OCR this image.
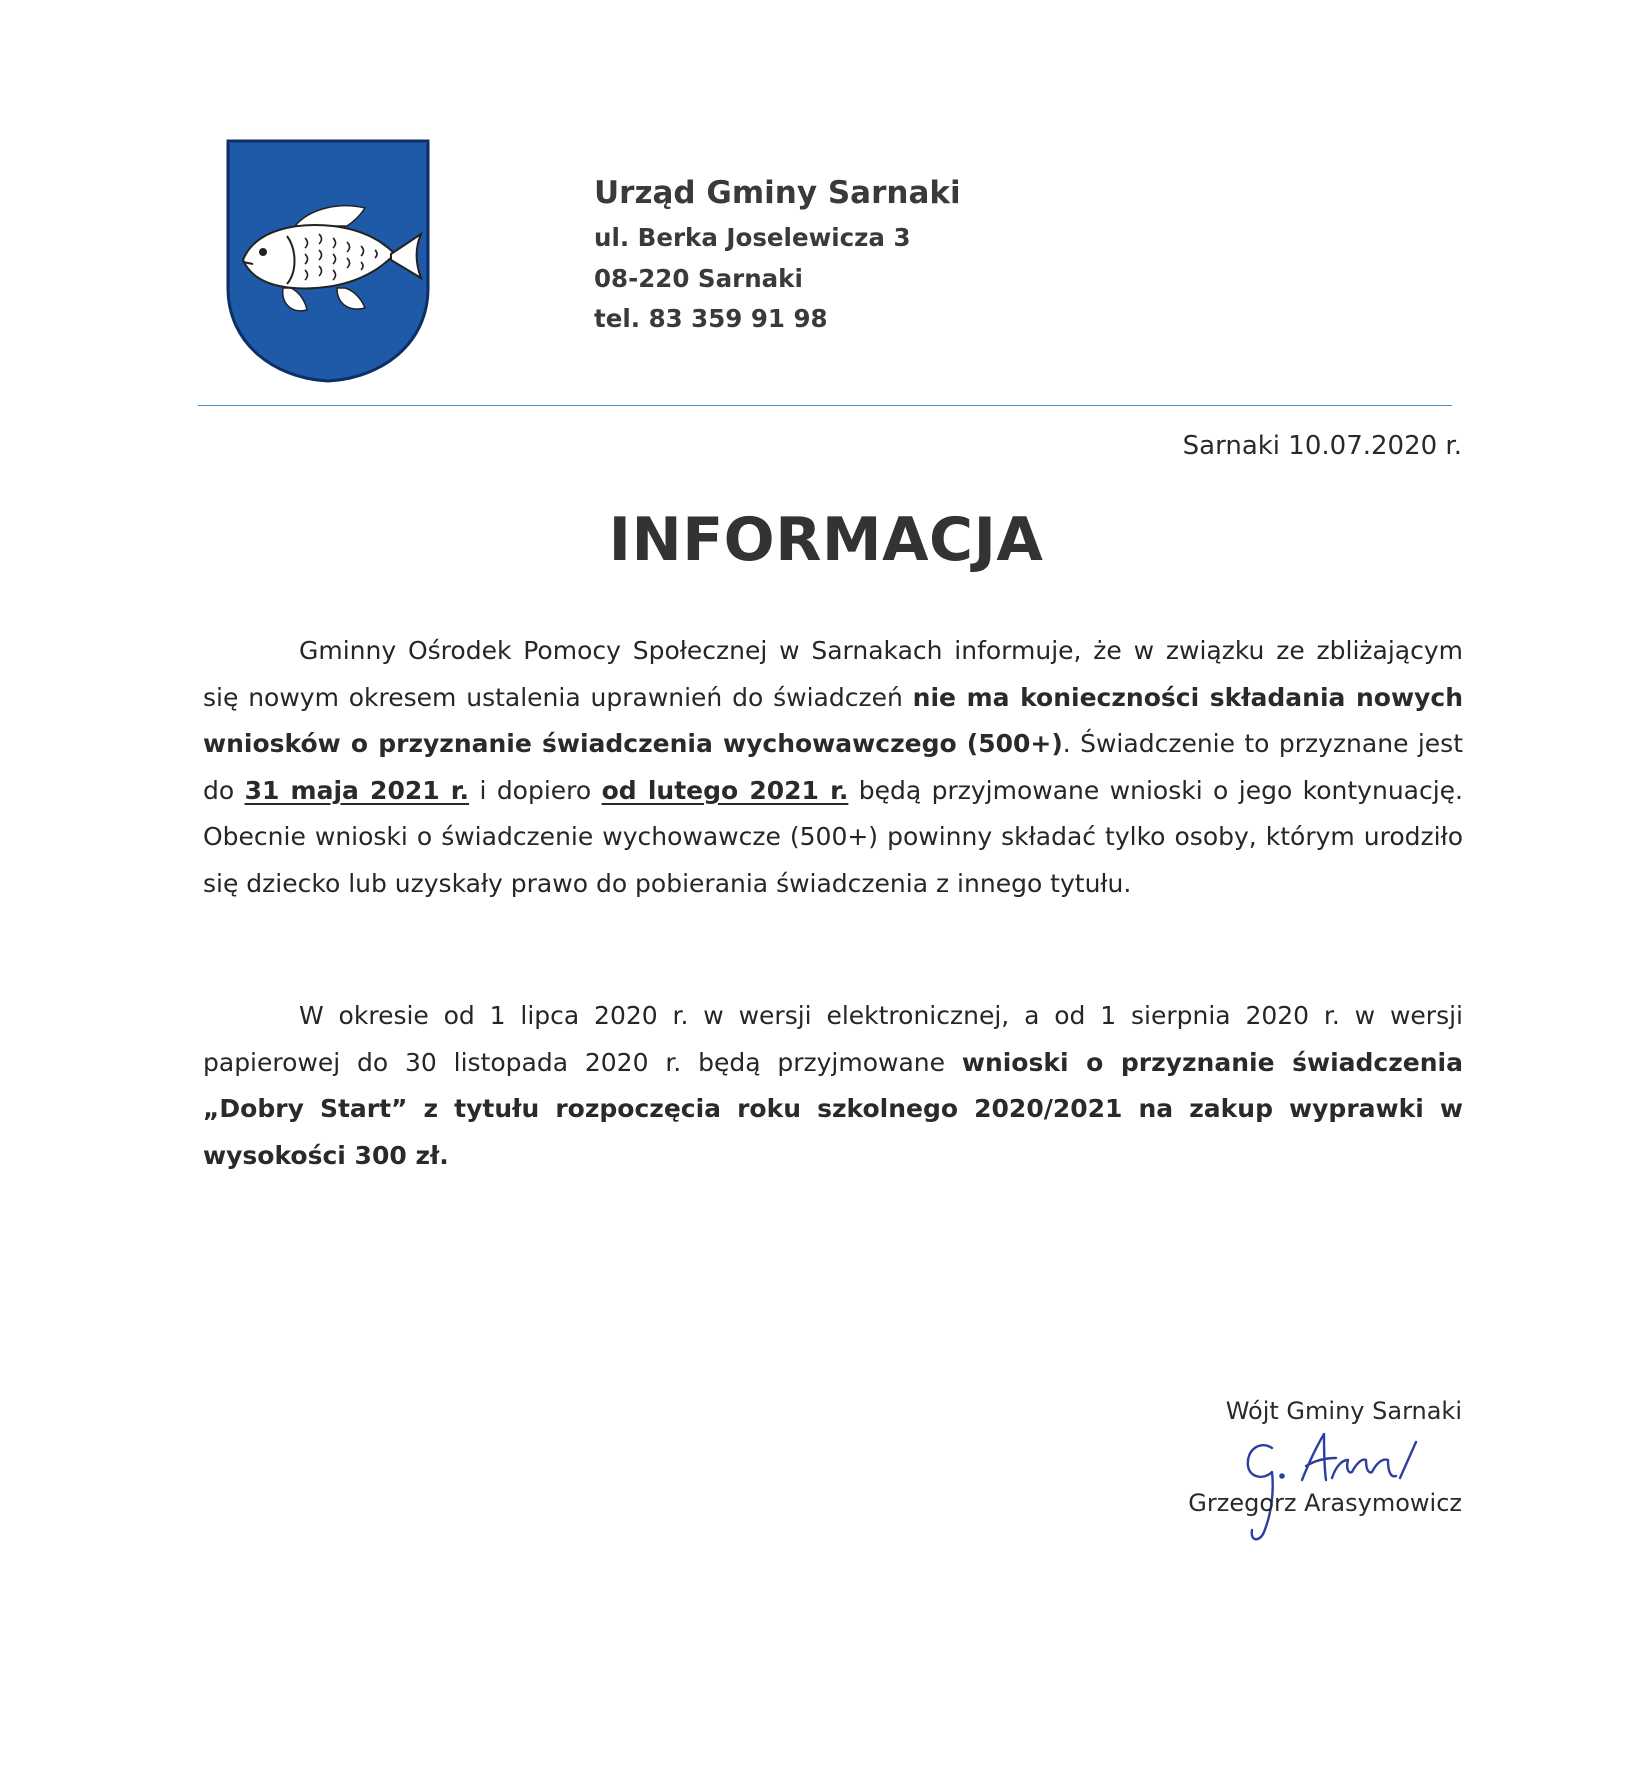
Urząd Gminy Sarnaki
ul. Berka Joselewicza 3
08-220 Sarnaki
tel. 83 359 91 98
Sarnaki 10.07.2020 r.
INFORMACJA
Gminny Ośrodek Pomocy Społecznej w Sarnakach informuje, że w związku ze zbliżającym się nowym okresem ustalenia uprawnień do świadczeń nie ma konieczności składania nowych wniosków o przyznanie świadczenia wychowawczego (500+). Świadczenie to przyznane jest do 31 maja 2021 r. i dopiero od lutego 2021 r. będą przyjmowane wnioski o jego kontynuację. Obecnie wnioski o świadczenie wychowawcze (500+) powinny składać tylko osoby, którym urodziło się dziecko lub uzyskały prawo do pobierania świadczenia z innego tytułu.
W okresie od 1 lipca 2020 r. w wersji elektronicznej, a od 1 sierpnia 2020 r. w wersji papierowej do 30 listopada 2020 r. będą przyjmowane wnioski o przyznanie świadczenia „Dobry Start” z tytułu rozpoczęcia roku szkolnego 2020/2021 na zakup wyprawki w wysokości 300 zł.
Wójt Gminy Sarnaki
Grzegorz Arasymowicz
